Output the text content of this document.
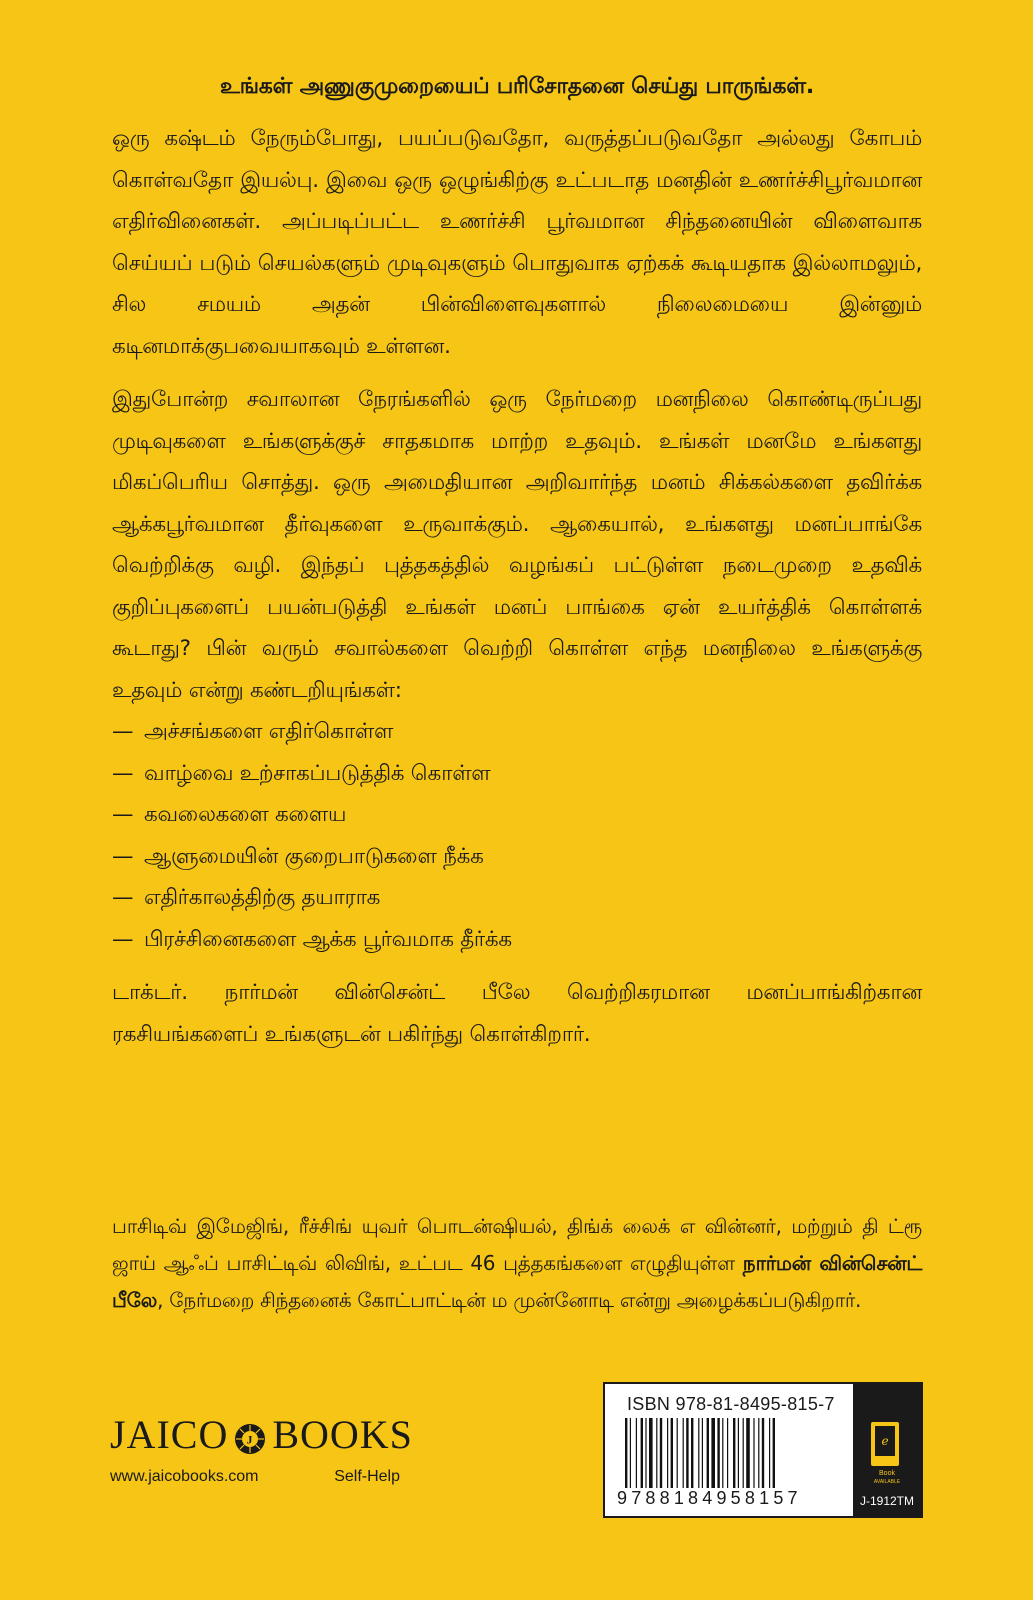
உங்கள் அணுகுமுறையைப் பரிசோதனை செய்து பாருங்கள்.

ஒரு கஷ்டம் நேரும்போது, பயப்படுவதோ, வருத்தப்படுவதோ அல்லது கோபம் கொள்வதோ இயல்பு. இவை ஒரு ஒழுங்கிற்கு உட்படாத மனதின் உணர்ச்சிபூர்வமான எதிர்வினைகள். அப்படிப்பட்ட உணர்ச்சி பூர்வமான சிந்தனையின் விளைவாக செய்யப் படும் செயல்களும் முடிவுகளும் பொதுவாக ஏற்கக் கூடியதாக இல்லாமலும், சில சமயம் அதன் பின்விளைவுகளால் நிலைமையை இன்னும் கடினமாக்குபவையாகவும் உள்ளன.

இதுபோன்ற சவாலான நேரங்களில் ஒரு நேர்மறை மனநிலை கொண்டிருப்பது முடிவுகளை உங்களுக்குச் சாதகமாக மாற்ற உதவும். உங்கள் மனமே உங்களது மிகப்பெரிய சொத்து. ஒரு அமைதியான அறிவார்ந்த மனம் சிக்கல்களை தவிர்க்க ஆக்கபூர்வமான தீர்வுகளை உருவாக்கும். ஆகையால், உங்களது மனப்பாங்கே வெற்றிக்கு வழி. இந்தப் புத்தகத்தில் வழங்கப் பட்டுள்ள நடைமுறை உதவிக் குறிப்புகளைப் பயன்படுத்தி உங்கள் மனப் பாங்கை ஏன் உயர்த்திக் கொள்ளக் கூடாது? பின் வரும் சவால்களை வெற்றி கொள்ள எந்த மனநிலை உங்களுக்கு உதவும் என்று கண்டறியுங்கள்:

— அச்சங்களை எதிர்கொள்ள
— வாழ்வை உற்சாகப்படுத்திக் கொள்ள
— கவலைகளை களைய
— ஆளுமையின் குறைபாடுகளை நீக்க
— எதிர்காலத்திற்கு தயாராக
— பிரச்சினைகளை ஆக்க பூர்வமாக தீர்க்க

டாக்டர். நார்மன் வின்சென்ட் பீலே வெற்றிகரமான மனப்பாங்கிற்கான ரகசியங்களைப் உங்களுடன் பகிர்ந்து கொள்கிறார்.

பாசிடிவ் இமேஜிங், ரீச்சிங் யுவர் பொடன்ஷியல், திங்க் லைக் எ வின்னர், மற்றும் தி ட்ரூ ஜாய் ஆஃப் பாசிட்டிவ் லிவிங், உட்பட 46 புத்தகங்களை எழுதியுள்ள நார்மன் வின்சென்ட் பீலே, நேர்மறை சிந்தனைக் கோட்பாட்டின் ம முன்னோடி என்று அழைக்கப்படுகிறார்.

JAICO J BOOKS
www.jaicobooks.com	Self-Help
ISBN 978-81-8495-815-7
9788184958157
e
Book
AVAILABLE
J-1912TM
